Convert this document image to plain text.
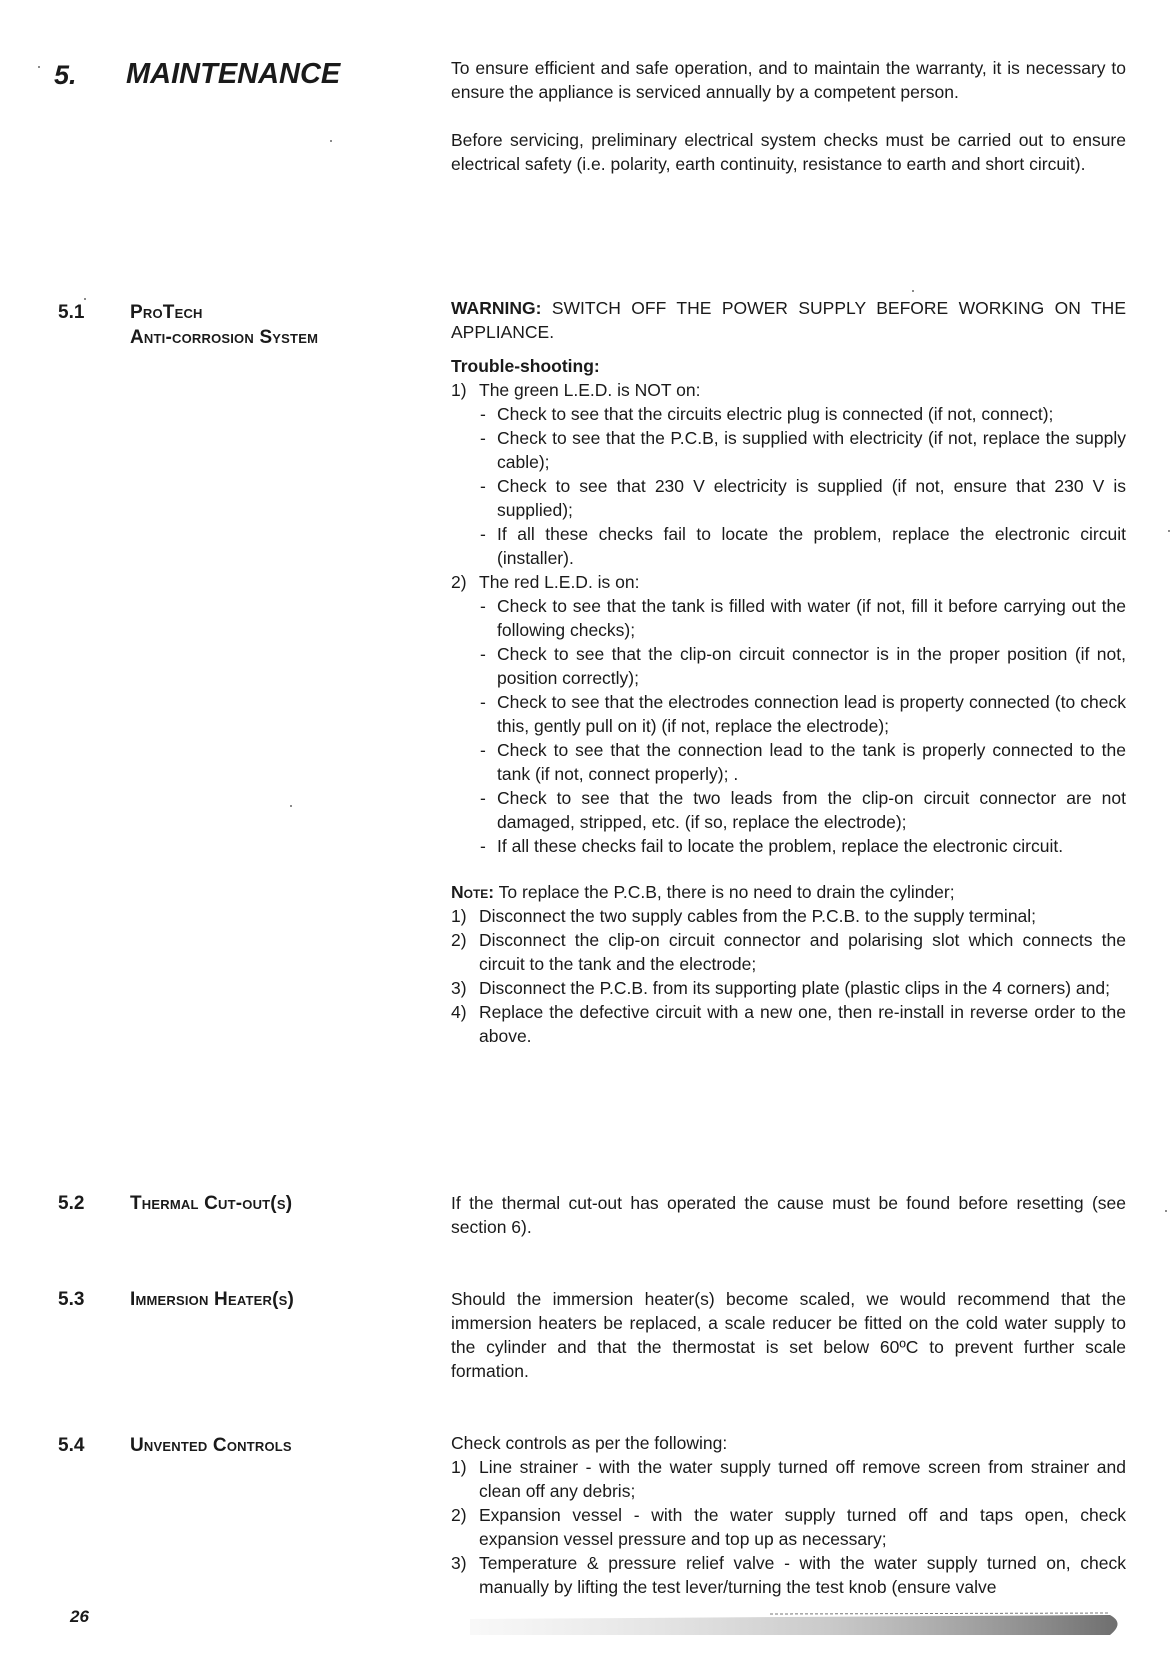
5. MAINTENANCE	To ensure efficient and safe operation, and to maintain the warranty, it is necessary to ensure the appliance is serviced annually by a competent person.

Before servicing, preliminary electrical system checks must be carried out to ensure electrical safety (i.e. polarity, earth continuity, resistance to earth and short circuit).

5.1 ProTech
Anti-corrosion System

WARNING: SWITCH OFF THE POWER SUPPLY BEFORE WORKING ON THE APPLIANCE.

Trouble-shooting:

1) The green L.E.D. is NOT on:
- Check to see that the circuits electric plug is connected (if not, connect);
- Check to see that the P.C.B, is supplied with electricity (if not, replace the supply cable);
- Check to see that 230 V electricity is supplied (if not, ensure that 230 V is supplied);
- If all these checks fail to locate the problem, replace the electronic circuit (installer).
2) The red L.E.D. is on:
- Check to see that the tank is filled with water (if not, fill it before carrying out the following checks);
- Check to see that the clip-on circuit connector is in the proper position (if not, position correctly);
- Check to see that the electrodes connection lead is property connected (to check this, gently pull on it) (if not, replace the electrode);
- Check to see that the connection lead to the tank is properly connected to the tank (if not, connect properly); .
- Check to see that the two leads from the clip-on circuit connector are not damaged, stripped, etc. (if so, replace the electrode);
- If all these checks fail to locate the problem, replace the electronic circuit.

Note: To replace the P.C.B, there is no need to drain the cylinder;

1) Disconnect the two supply cables from the P.C.B. to the supply terminal;
2) Disconnect the clip-on circuit connector and polarising slot which connects the circuit to the tank and the electrode;
3) Disconnect the P.C.B. from its supporting plate (plastic clips in the 4 corners) and;
4) Replace the defective circuit with a new one, then re-install in reverse order to the above.
5.2 Thermal Cut-out(s)	If the thermal cut-out has operated the cause must be found before resetting (see section 6).

5.3 Immersion Heater(s)	Should the immersion heater(s) become scaled, we would recommend that the immersion heaters be replaced, a scale reducer be fitted on the cold water supply to the cylinder and that the thermostat is set below 60ºC to prevent further scale formation.

5.4 Unvented Controls	Check controls as per the following:

1) Line strainer - with the water supply turned off remove screen from strainer and clean off any debris;
2) Expansion vessel - with the water supply turned off and taps open, check expansion vessel pressure and top up as necessary;
3) Temperature & pressure relief valve - with the water supply turned on, check manually by lifting the test lever/turning the test knob (ensure valve
26
